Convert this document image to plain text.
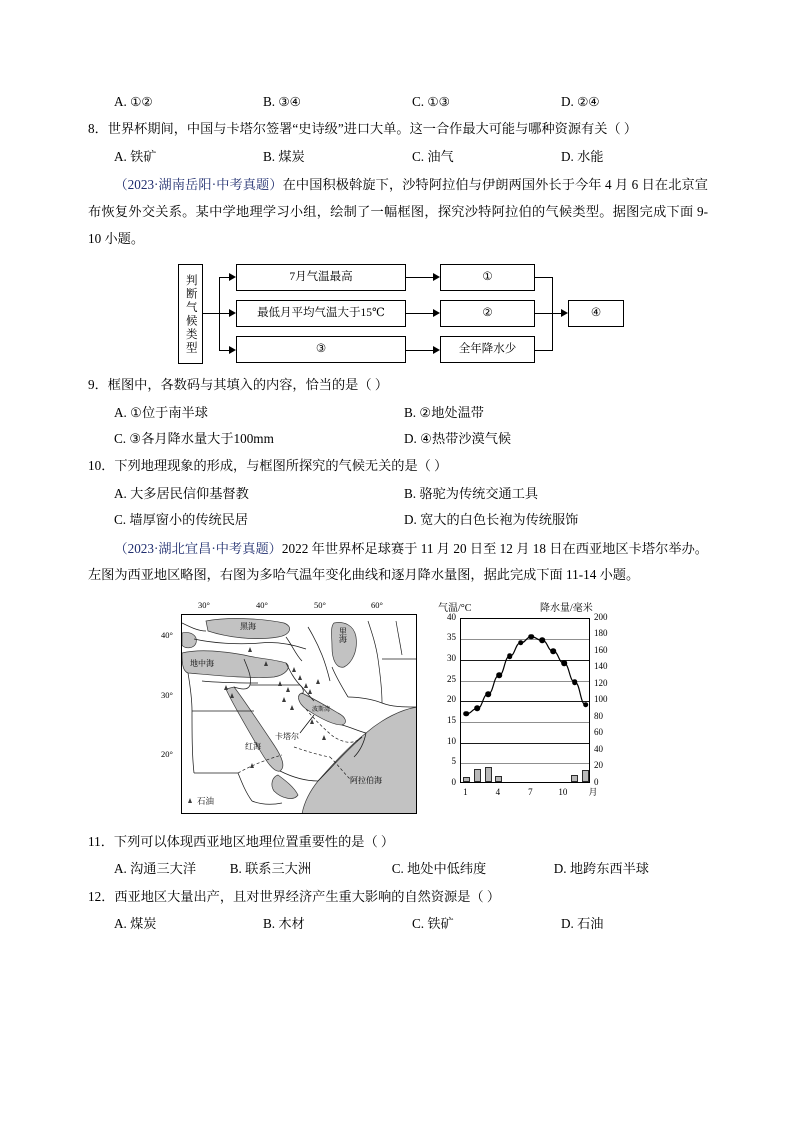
A. ①②	B. ③④	C. ①③	D. ②④
8．世界杯期间，中国与卡塔尔签署“史诗级”进口大单。这一合作最大可能与哪种资源有关（ ）
A. 铁矿	B. 煤炭	C. 油气	D. 水能
（2023·湖南岳阳·中考真题）在中国积极斡旋下，沙特阿拉伯与伊朗两国外长于今年 4 月 6 日在北京宣布恢复外交关系。某中学地理学习小组，绘制了一幅框图，探究沙特阿拉伯的气候类型。据图完成下面 9-10 小题。
判断气候类型	7月气温最高
最低月平均气温大于15℃
③
①
②
全年降水少
④
9．框图中，各数码与其填入的内容，恰当的是（ ）
A. ①位于南半球	B. ②地处温带
C. ③各月降水量大于100mm	D. ④热带沙漠气候
10．下列地理现象的形成，与框图所探究的气候无关的是（ ）
A. 大多居民信仰基督教	B. 骆驼为传统交通工具
C. 墙厚窗小的传统民居	D. 宽大的白色长袍为传统服饰
（2023·湖北宜昌·中考真题）2022 年世界杯足球赛于 11 月 20 日至 12 月 18 日在西亚地区卡塔尔举办。左图为西亚地区略图，右图为多哈气温年变化曲线和逐月降水量图，据此完成下面 11-14 小题。
30°	40°	50°	60°
40°
30°
20°
黑海
里海
地中海
红海
阿拉伯海
波斯湾
卡塔尔
石油
气温/°C	降水量/毫米
0
5
10
15
20
25
30
35
40
0
20
40
60
80
100
120
140
160
180
200
1	4	7	10	月
11．下列可以体现西亚地区地理位置重要性的是（ ）
A. 沟通三大洋	B. 联系三大洲	C. 地处中低纬度	D. 地跨东西半球
12．西亚地区大量出产，且对世界经济产生重大影响的自然资源是（ ）
A. 煤炭	B. 木材	C. 铁矿	D. 石油
